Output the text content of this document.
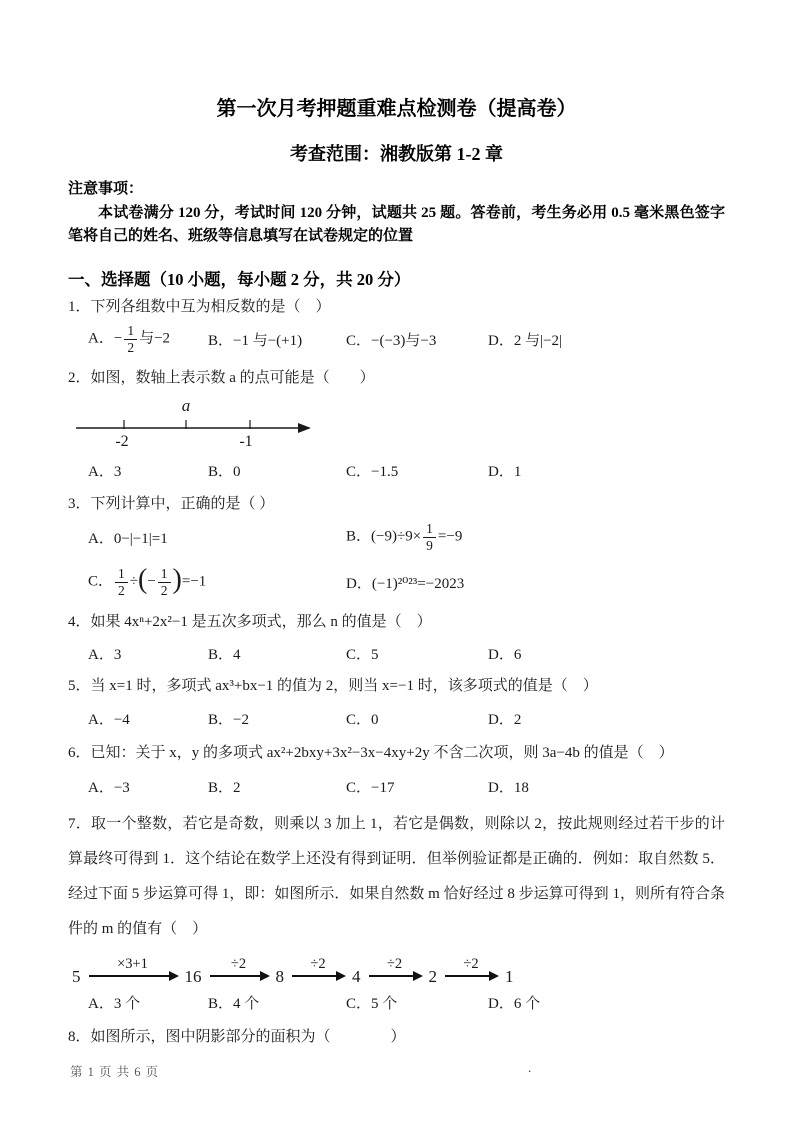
第一次月考押题重难点检测卷（提高卷）
考查范围：湘教版第 1-2 章
注意事项：

本试卷满分 120 分，考试时间 120 分钟，试题共 25 题。答卷前，考生务必用 0.5 毫米黑色签字笔将自己的姓名、班级等信息填写在试卷规定的位置

一、选择题（10 小题，每小题 2 分，共 20 分）

1．下列各组数中互为相反数的是（　）

A．− $\frac{1}{2}$ 与−2	B．−1 与−(+1)	C．−(−3)与−3	D．2 与|−2|

2．如图，数轴上表示数 a 的点可能是（　　）

a
-2	-1
A．3	B．0	C．−1.5	D．1

3．下列计算中，正确的是（ ）

A．0−|−1|=1	B．$(-9)\div 9\times \frac{1}{9} =-9$
C． $\frac{1}{2}$ ÷(− $\frac{1}{2} )=-1$	D．(−1)²⁰²³=−2023

4．如果 4xⁿ+2x²−1 是五次多项式，那么 n 的值是（　）

A．3	B．4	C．5	D．6

5．当 x=1 时，多项式 ax³+bx−1 的值为 2，则当 x=−1 时，该多项式的值是（　）

A．−4	B．−2	C．0	D．2

6．已知：关于 x，y 的多项式 ax²+2bxy+3x²−3x−4xy+2y 不含二次项，则 3a−4b 的值是（　）

A．−3	B．2	C．−17	D．18

7．取一个整数，若它是奇数，则乘以 3 加上 1，若它是偶数，则除以 2，按此规则经过若干步的计算最终可得到 1．这个结论在数学上还没有得到证明．但举例验证都是正确的．例如：取自然数 5．经过下面 5 步运算可得 1，即：如图所示．如果自然数 m 恰好经过 8 步运算可得到 1，则所有符合条件的 m 的值有（　）

5
×3+1
16
÷2
8
÷2
4
÷2
2
÷2
1
A．3 个	B．4 个	C．5 个	D．6 个

8．如图所示，图中阴影部分的面积为（　　　　）

第 1 页 共 6 页	.
